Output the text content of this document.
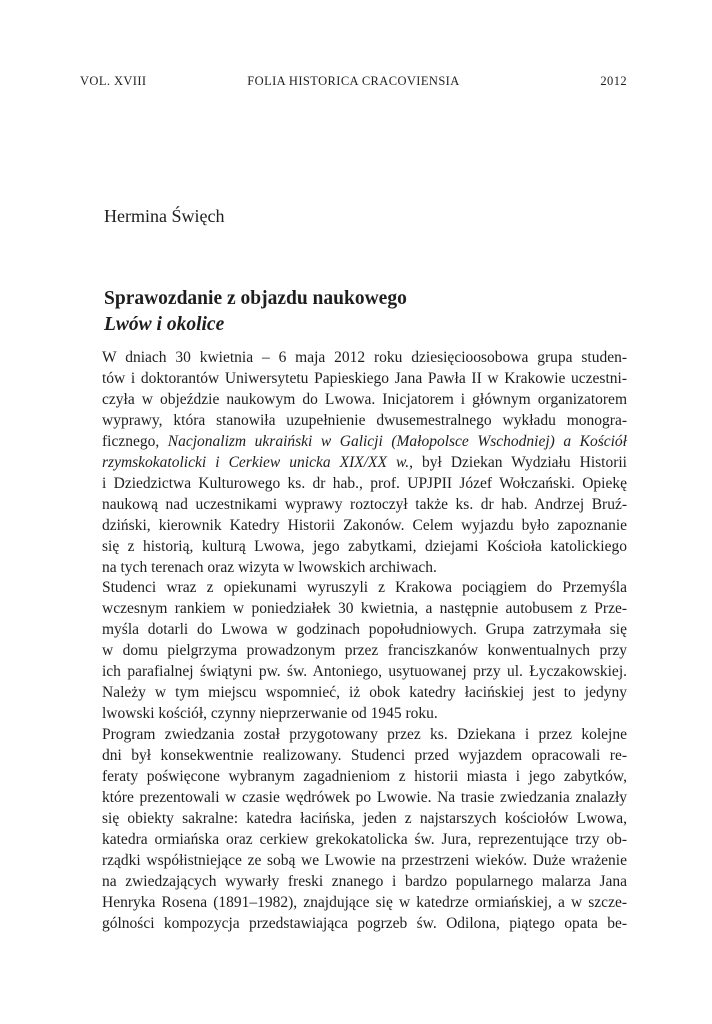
VOL. XVIII	FOLIA HISTORICA CRACOVIENSIA	2012
Hermina Święch
Sprawozdanie z objazdu naukowego
Lwów i okolice

W dniach 30 kwietnia – 6 maja 2012 roku dziesięcioosobowa grupa studen-
tów i doktorantów Uniwersytetu Papieskiego Jana Pawła II w Krakowie uczestni-
czyła w objeździe naukowym do Lwowa. Inicjatorem i głównym organizatorem
wyprawy, która stanowiła uzupełnienie dwusemestralnego wykładu monogra-
ficznego, Nacjonalizm ukraiński w Galicji (Małopolsce Wschodniej) a Kościół
rzymskokatolicki i Cerkiew unicka XIX/XX w., był Dziekan Wydziału Historii
i Dziedzictwa Kulturowego ks. dr hab., prof. UPJPII Józef Wołczański. Opiekę
naukową nad uczestnikami wyprawy roztoczył także ks. dr hab. Andrzej Bruź-
dziński, kierownik Katedry Historii Zakonów. Celem wyjazdu było zapoznanie
się z historią, kulturą Lwowa, jego zabytkami, dziejami Kościoła katolickiego
na tych terenach oraz wizyta w lwowskich archiwach.

Studenci wraz z opiekunami wyruszyli z Krakowa pociągiem do Przemyśla
wczesnym rankiem w poniedziałek 30 kwietnia, a następnie autobusem z Prze-
myśla dotarli do Lwowa w godzinach popołudniowych. Grupa zatrzymała się
w domu pielgrzyma prowadzonym przez franciszkanów konwentualnych przy
ich parafialnej świątyni pw. św. Antoniego, usytuowanej przy ul. Łyczakowskiej.
Należy w tym miejscu wspomnieć, iż obok katedry łacińskiej jest to jedyny
lwowski kościół, czynny nieprzerwanie od 1945 roku.

Program zwiedzania został przygotowany przez ks. Dziekana i przez kolejne
dni był konsekwentnie realizowany. Studenci przed wyjazdem opracowali re-
feraty poświęcone wybranym zagadnieniom z historii miasta i jego zabytków,
które prezentowali w czasie wędrówek po Lwowie. Na trasie zwiedzania znalazły
się obiekty sakralne: katedra łacińska, jeden z najstarszych kościołów Lwowa,
katedra ormiańska oraz cerkiew grekokatolicka św. Jura, reprezentujące trzy ob-
rządki współistniejące ze sobą we Lwowie na przestrzeni wieków. Duże wrażenie
na zwiedzających wywarły freski znanego i bardzo popularnego malarza Jana
Henryka Rosena (1891–1982), znajdujące się w katedrze ormiańskiej, a w szcze-
gólności kompozycja przedstawiająca pogrzeb św. Odilona, piątego opata be-
